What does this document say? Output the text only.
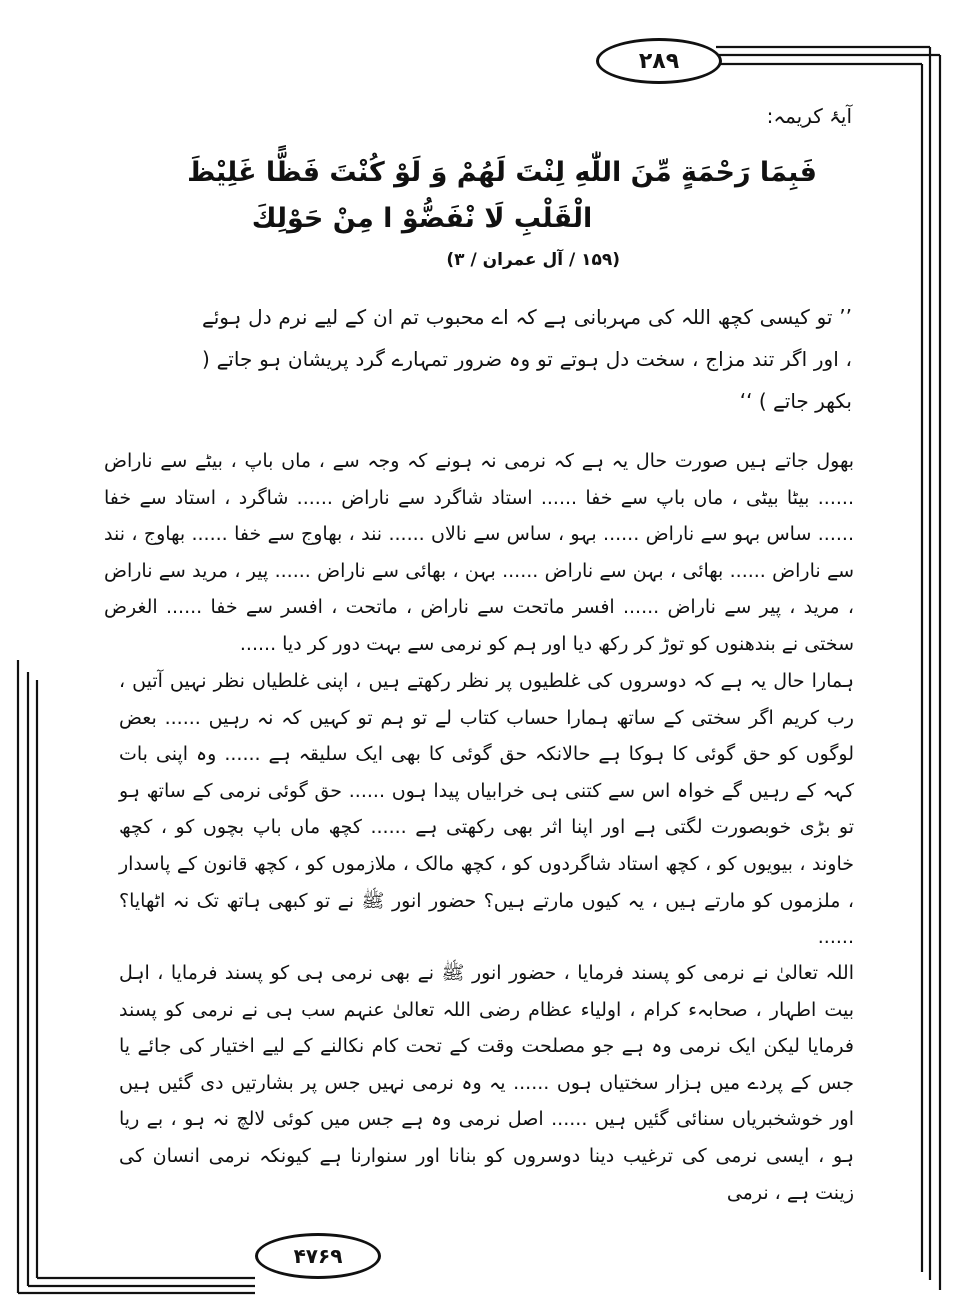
۲۸۹
۴۷۶۹
آیۂ کریمہ:
فَبِمَا رَحْمَةٍ مِّنَ اللّٰهِ لِنْتَ لَهُمْ وَ لَوْ كُنْتَ فَظًّا غَلِيْظَ
الْقَلْبِ لَا نْفَضُّوْ ا مِنْ حَوْلِكَ
(۱۵۹ / آل عمران / ۳)
’’ تو کیسی کچھ اللہ کی مہربانی ہے کہ اے محبوب تم ان کے لیے نرم دل ہوئے ، اور اگر تند مزاج ، سخت دل ہوتے تو وہ ضرور تمہارے گرد پریشان ہو جاتے ( بکھر جاتے ) ‘‘
بھول جاتے ہیں صورت حال یہ ہے کہ نرمی نہ ہونے کہ وجہ سے ، ماں باپ ، بیٹے سے ناراض ...... بیٹا بیٹی ، ماں باپ سے خفا ...... استاد شاگرد سے ناراض ...... شاگرد ، استاد سے خفا ...... ساس بہو سے ناراض ...... بہو ، ساس سے نالاں ...... نند ، بھاوج سے خفا ...... بھاوج ، نند سے ناراض ...... بھائی ، بہن سے ناراض ...... بہن ، بھائی سے ناراض ...... پیر ، مرید سے ناراض ، مرید ، پیر سے ناراض ...... افسر ماتحت سے ناراض ، ماتحت ، افسر سے خفا ...... الغرض سختی نے بندھنوں کو توڑ کر رکھ دیا اور ہم کو نرمی سے بہت دور کر دیا ......
ہمارا حال یہ ہے کہ دوسروں کی غلطیوں پر نظر رکھتے ہیں ، اپنی غلطیاں نظر نہیں آتیں ، رب کریم اگر سختی کے ساتھ ہمارا حساب کتاب لے تو ہم تو کہیں کہ نہ رہیں ...... بعض لوگوں کو حق گوئی کا ہوکا ہے حالانکہ حق گوئی کا بھی ایک سلیقہ ہے ...... وہ اپنی بات کہہ کے رہیں گے خواہ اس سے کتنی ہی خرابیاں پیدا ہوں ...... حق گوئی نرمی کے ساتھ ہو تو بڑی خوبصورت لگتی ہے اور اپنا اثر بھی رکھتی ہے ...... کچھ ماں باپ بچوں کو ، کچھ خاوند ، بیویوں کو ، کچھ استاد شاگردوں کو ، کچھ مالک ، ملازموں کو ، کچھ قانون کے پاسدار ، ملزموں کو مارتے ہیں ، یہ کیوں مارتے ہیں؟ حضور انور ﷺ نے تو کبھی ہاتھ تک نہ اٹھایا؟ ......
اللہ تعالیٰ نے نرمی کو پسند فرمایا ، حضور انور ﷺ نے بھی نرمی ہی کو پسند فرمایا ، اہل بیت اطہار ، صحابہء کرام ، اولیاء عظام رضی اللہ تعالیٰ عنہم سب ہی نے نرمی کو پسند فرمایا لیکن ایک نرمی وہ ہے جو مصلحت وقت کے تحت کام نکالنے کے لیے اختیار کی جائے یا جس کے پردے میں ہزار سختیاں ہوں ...... یہ وہ نرمی نہیں جس پر بشارتیں دی گئیں ہیں اور خوشخبریاں سنائی گئیں ہیں ...... اصل نرمی وہ ہے جس میں کوئی لالچ نہ ہو ، بے ریا ہو ، ایسی نرمی کی ترغیب دینا دوسروں کو بنانا اور سنوارنا ہے کیونکہ نرمی انسان کی زینت ہے ، نرمی
